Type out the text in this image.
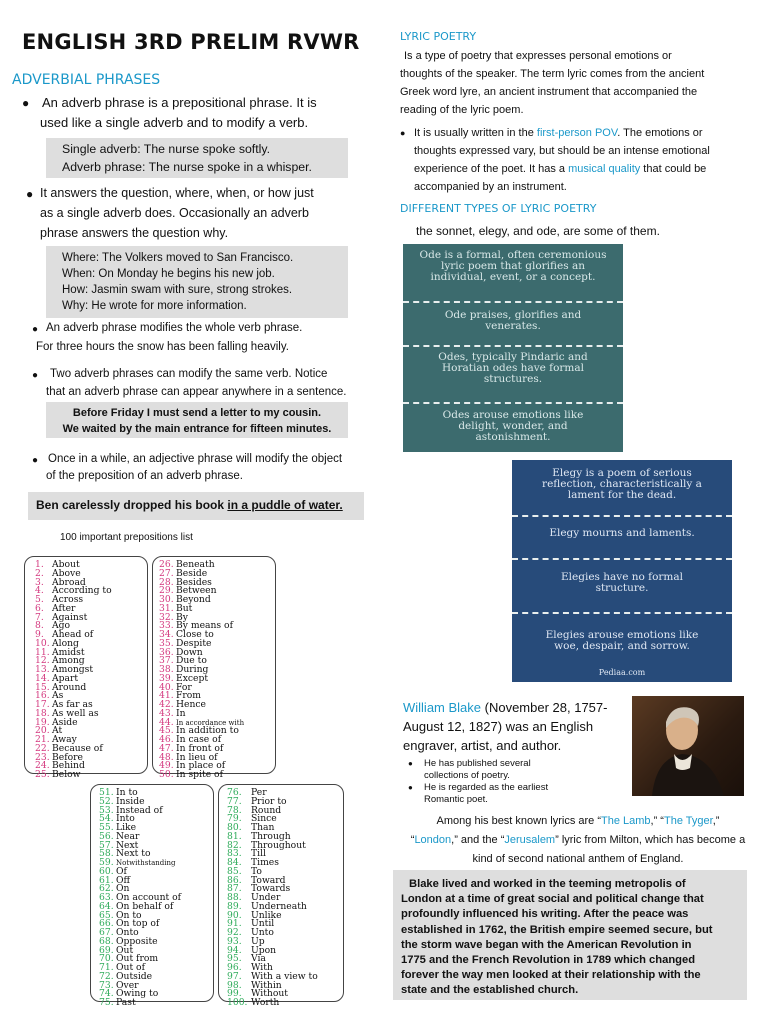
ENGLISH 3RD PRELIM RVWR
ADVERBIAL PHRASES
● An adverb phrase is a prepositional phrase. It is
used like a single adverb and to modify a verb.
Single adverb: The nurse spoke softly.
Adverb phrase: The nurse spoke in a whisper.
● It answers the question, where, when, or how just
as a single adverb does. Occasionally an adverb
phrase answers the question why.
Where: The Volkers moved to San Francisco.
When: On Monday he begins his new job.
How: Jasmin swam with sure, strong strokes.
Why: He wrote for more information.
● An adverb phrase modifies the whole verb phrase.
For three hours the snow has been falling heavily.
● Two adverb phrases can modify the same verb. Notice
that an adverb phrase can appear anywhere in a sentence.
Before Friday I must send a letter to my cousin.
We waited by the main entrance for fifteen minutes.
● Once in a while, an adjective phrase will modify the object
of the preposition of an adverb phrase.
Ben carelessly dropped his book in a puddle of water.
100 important prepositions list
1. About
2. Above
3. Abroad
4. According to
5. Across
6. After
7. Against
8. Ago
9. Ahead of
10. Along
11. Amidst
12. Among
13. Amongst
14. Apart
15. Around
16. As
17. As far as
18. As well as
19. Aside
20. At
21. Away
22. Because of
23. Before
24. Behind
25. Below
26. Beneath
27. Beside
28. Besides
29. Between
30. Beyond
31. But
32. By
33. By means of
34. Close to
35. Despite
36. Down
37. Due to
38. During
39. Except
40. For
41. From
42. Hence
43. In
44. In accordance with
45. In addition to
46. In case of
47. In front of
48. In lieu of
49. In place of
50. In spite of
51. In to
52. Inside
53. Instead of
54. Into
55. Like
56. Near
57. Next
58. Next to
59. Notwithstanding
60. Of
61. Off
62. On
63. On account of
64. On behalf of
65. On to
66. On top of
67. Onto
68. Opposite
69. Out
70. Out from
71. Out of
72. Outside
73. Over
74. Owing to
75. Past
76. Per
77. Prior to
78. Round
79. Since
80. Than
81. Through
82. Throughout
83. Till
84. Times
85. To
86. Toward
87. Towards
88. Under
89. Underneath
90. Unlike
91. Until
92. Unto
93. Up
94. Upon
95. Via
96. With
97. With a view to
98. Within
99. Without
100. Worth
LYRIC POETRY
Is a type of poetry that expresses personal emotions or
thoughts of the speaker. The term lyric comes from the ancient
Greek word lyre, an ancient instrument that accompanied the
reading of the lyric poem.
● It is usually written in the first-person POV. The emotions or
thoughts expressed vary, but should be an intense emotional
experience of the poet. It has a musical quality that could be
accompanied by an instrument.
DIFFERENT TYPES OF LYRIC POETRY
the sonnet, elegy, and ode, are some of them.
Ode is a formal, often ceremonious lyric poem that glorifies an individual, event, or a concept.
Ode praises, glorifies and venerates.
Odes, typically Pindaric and Horatian odes have formal structures.
Odes arouse emotions like delight, wonder, and astonishment.
Elegy is a poem of serious reflection, characteristically a lament for the dead.
Elegy mourns and laments.
Elegies have no formal structure.
Elegies arouse emotions like woe, despair, and sorrow.
Pediaa.com
William Blake (November 28, 1757-
August 12, 1827) was an English
engraver, artist, and author.
● He has published several
collections of poetry.
● He is regarded as the earliest
Romantic poet.
Among his best known lyrics are “The Lamb,” “The Tyger,”
“London,” and the “Jerusalem” lyric from Milton, which has become a
kind of second national anthem of England.
Blake lived and worked in the teeming metropolis of
London at a time of great social and political change that
profoundly influenced his writing. After the peace was
established in 1762, the British empire seemed secure, but
the storm wave began with the American Revolution in
1775 and the French Revolution in 1789 which changed
forever the way men looked at their relationship with the
state and the established church.
